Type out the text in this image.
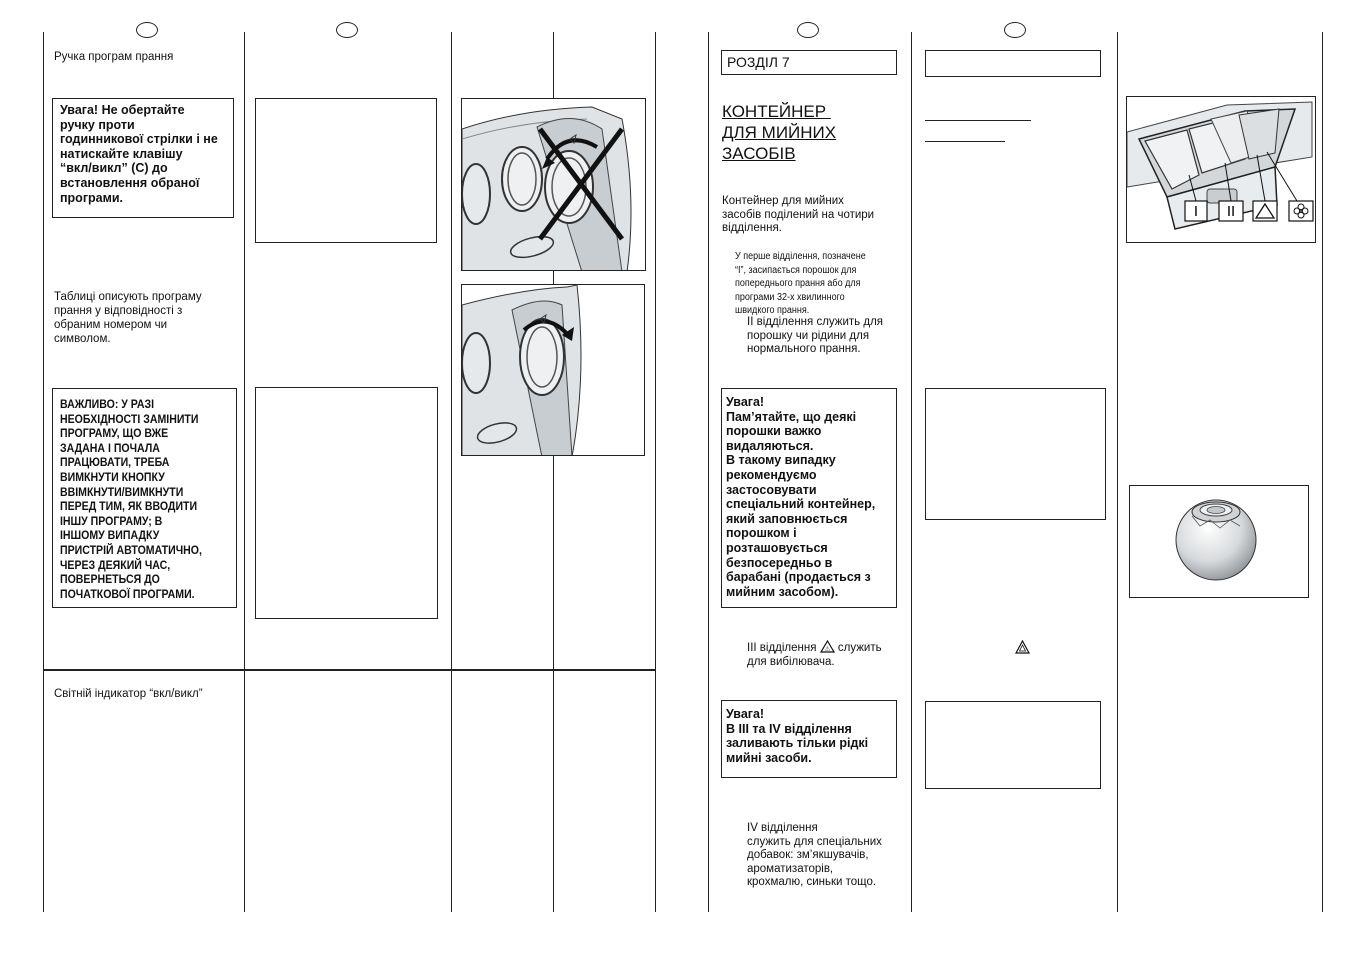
Ручка програм прання
Увага! Не обертайте
ручку проти
годинникової стрілки і не
натискайте клавішу
“вкл/викл” (С) до
встановлення обраної
програми.
Таблиці описують програму
прання у відповідності з
обраним номером чи
символом.
ВАЖЛИВО: У РАЗІ
НЕОБХІДНОСТІ ЗАМІНИТИ
ПРОГРАМУ, ЩО ВЖЕ
ЗАДАНА І ПОЧАЛА
ПРАЦЮВАТИ, ТРЕБА
ВИМКНУТИ КНОПКУ
ВВІМКНУТИ/ВИМКНУТИ
ПЕРЕД ТИМ, ЯК ВВОДИТИ
ІНШУ ПРОГРАМУ; В
ІНШОМУ ВИПАДКУ
ПРИСТРІЙ АВТОМАТИЧНО,
ЧЕРЕЗ ДЕЯКИЙ ЧАС,
ПОВЕРНЕТЬСЯ ДО
ПОЧАТКОВОЇ ПРОГРАМИ.
Світній індикатор “вкл/викл”
РОЗДІЛ 7
КОНТЕЙНЕР
ДЛЯ МИЙНИХ
ЗАСОБІВ
Контейнер для мийних
засобів поділений на чотири
відділення.
У перше відділення, позначене
“I”, засипається порошок для
попереднього прання або для
програми 32-х хвилинного
швидкого прання.
II відділення служить для
порошку чи рідини для
нормального прання.
Увага!
Пам’ятайте, що деякі
порошки важко
видаляються.
В такому випадку
рекомендуємо
застосовувати
спеціальний контейнер,
який заповнюється
порошком і
розташовується
безпосередньо в
барабані (продається з
мийним засобом).
III відділення ⚠ служить
для вибілювача.
Увага!
В III та IV відділення
заливають тільки рідкі
мийні засоби.
IV відділення
служить для спеціальних
добавок: зм’якшувачів,
ароматизаторів,
крохмалю, синьки тощо.
I II
